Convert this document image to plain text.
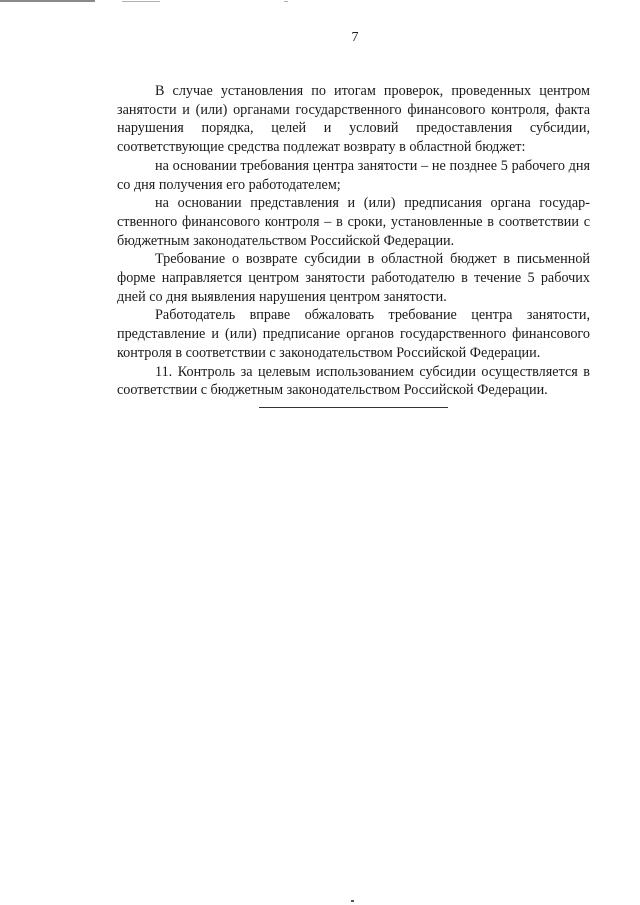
7

В случае установления по итогам проверок, проведенных центром занятости и (или) органами государственного финансового контроля, факта нарушения порядка, целей и условий предоставления субсидии, соответствующие средства подлежат возврату в областной бюджет:

на основании требования центра занятости – не позднее 5 рабочего дня со дня получения его работодателем;

на основании представления и (или) предписания органа государственного финансового контроля – в сроки, установленные в соответствии с бюджетным законодательством Российской Федерации.

Требование о возврате субсидии в областной бюджет в письменной форме направляется центром занятости работодателю в течение 5 рабочих дней со дня выявления нарушения центром занятости.

Работодатель вправе обжаловать требование центра занятости, представление и (или) предписание органов государственного финансового контроля в соответствии с законодательством Российской Федерации.

11. Контроль за целевым использованием субсидии осуществляется в соответствии с бюджетным законодательством Российской Федерации.
